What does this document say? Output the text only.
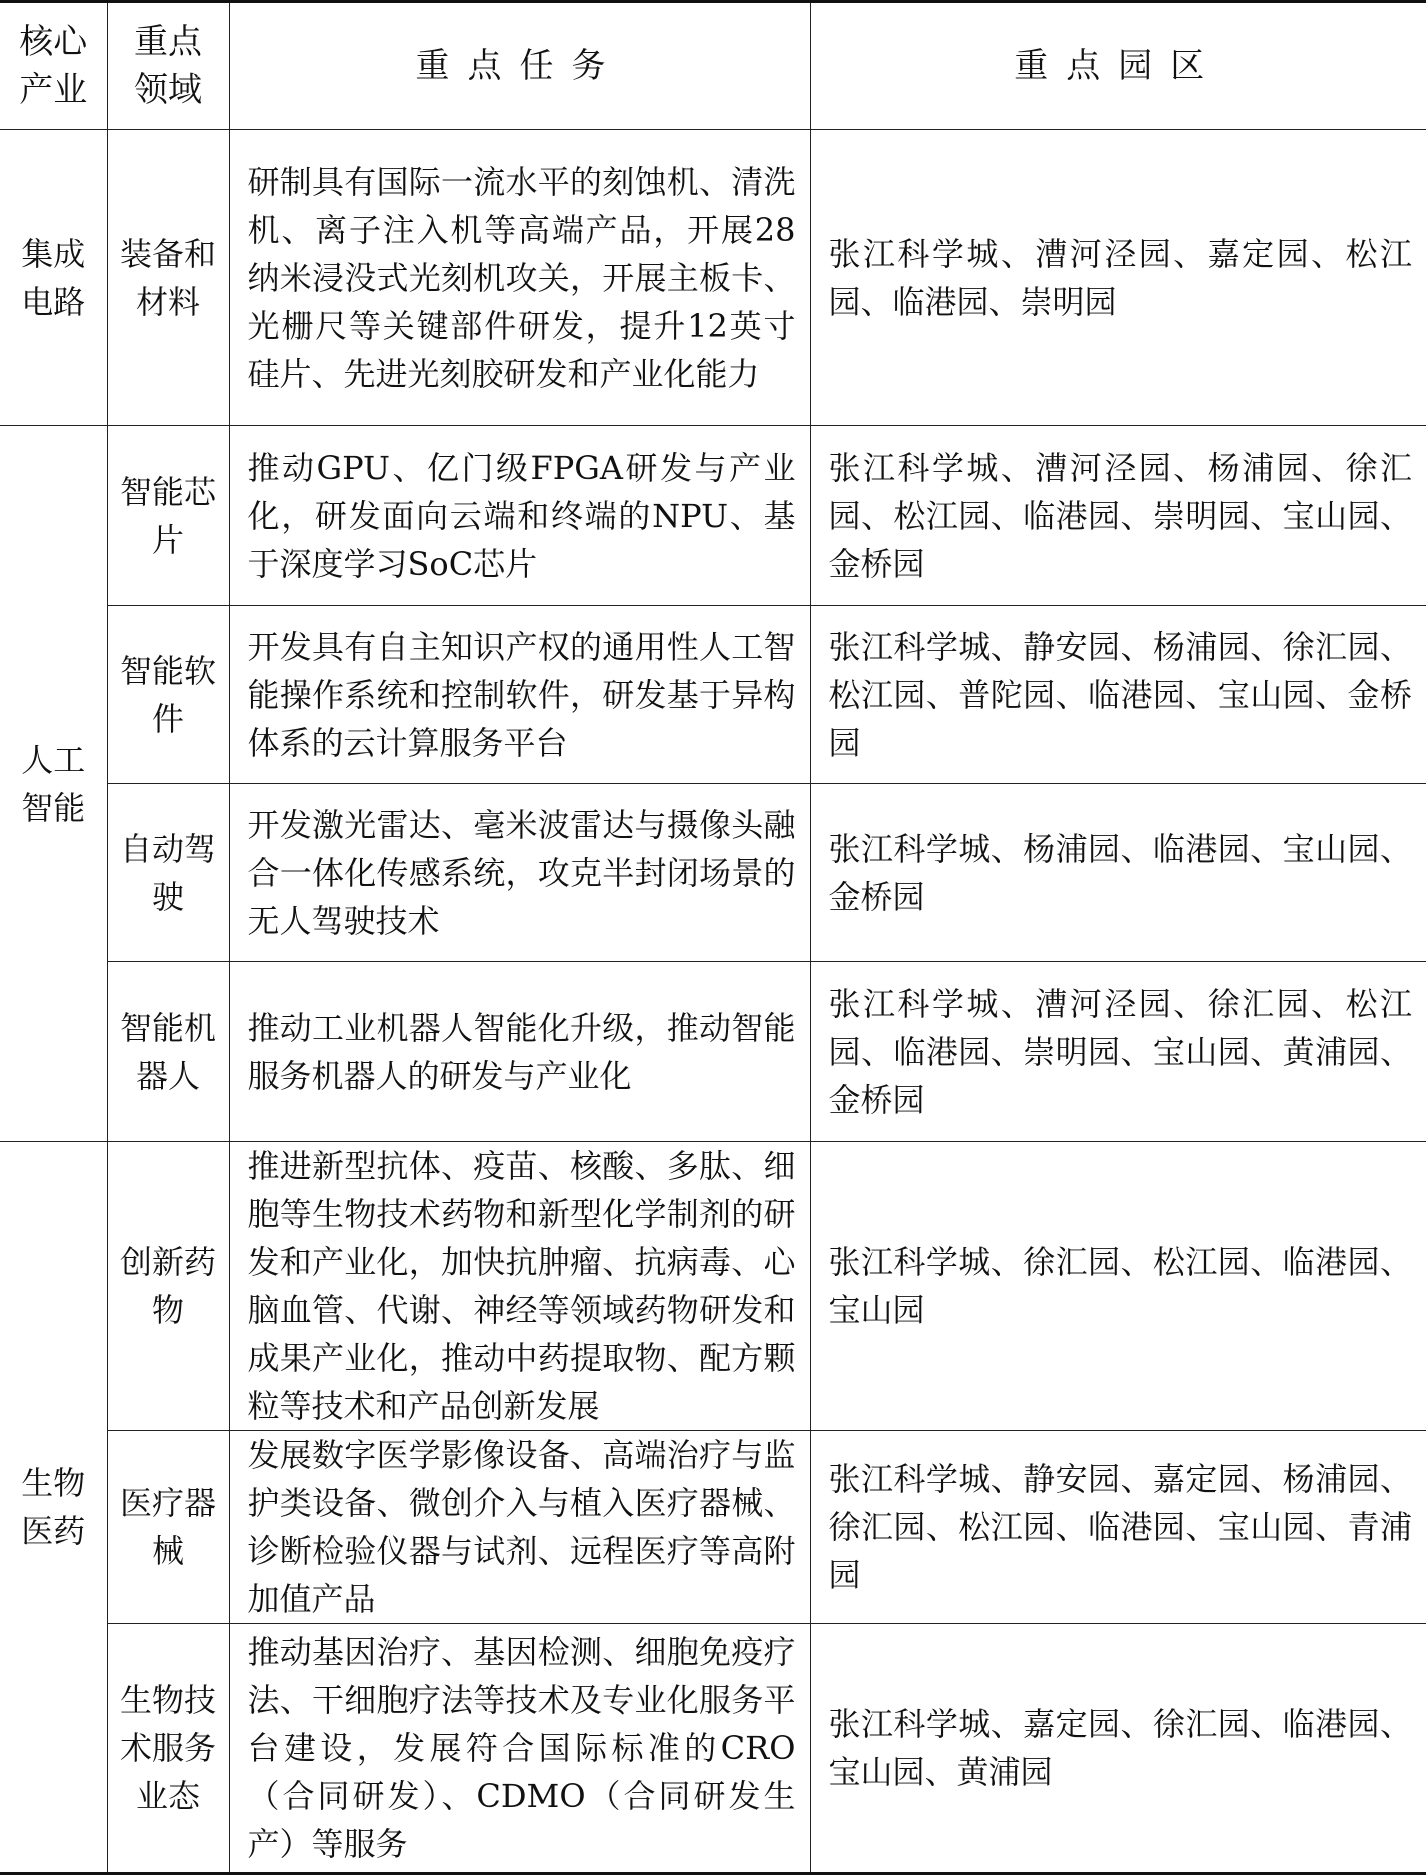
核心产业	重点领域	重点任务	重点园区
集成电路	装备和材料	研制具有国际一流水平的刻蚀机、清洗机、离子注入机等高端产品，开展28纳米浸没式光刻机攻关，开展主板卡、光栅尺等关键部件研发，提升12英寸硅片、先进光刻胶研发和产业化能力	张江科学城、漕河泾园、嘉定园、松江园、临港园、崇明园
人工智能	智能芯片	推动GPU、亿门级FPGA研发与产业化，研发面向云端和终端的NPU、基于深度学习SoC芯片	张江科学城、漕河泾园、杨浦园、徐汇园、松江园、临港园、崇明园、宝山园、金桥园
	智能软件	开发具有自主知识产权的通用性人工智能操作系统和控制软件，研发基于异构体系的云计算服务平台	张江科学城、静安园、杨浦园、徐汇园、松江园、普陀园、临港园、宝山园、金桥园
	自动驾驶	开发激光雷达、毫米波雷达与摄像头融合一体化传感系统，攻克半封闭场景的无人驾驶技术	张江科学城、杨浦园、临港园、宝山园、金桥园
	智能机器人	推动工业机器人智能化升级，推动智能服务机器人的研发与产业化	张江科学城、漕河泾园、徐汇园、松江园、临港园、崇明园、宝山园、黄浦园、金桥园
生物医药	创新药物	推进新型抗体、疫苗、核酸、多肽、细胞等生物技术药物和新型化学制剂的研发和产业化，加快抗肿瘤、抗病毒、心脑血管、代谢、神经等领域药物研发和成果产业化，推动中药提取物、配方颗粒等技术和产品创新发展	张江科学城、徐汇园、松江园、临港园、宝山园
	医疗器械	发展数字医学影像设备、高端治疗与监护类设备、微创介入与植入医疗器械、诊断检验仪器与试剂、远程医疗等高附加值产品	张江科学城、静安园、嘉定园、杨浦园、徐汇园、松江园、临港园、宝山园、青浦园
	生物技术服务业态	推动基因治疗、基因检测、细胞免疫疗法、干细胞疗法等技术及专业化服务平台建设，发展符合国际标准的CRO（合同研发）、CDMO（合同研发生产）等服务	张江科学城、嘉定园、徐汇园、临港园、宝山园、黄浦园
